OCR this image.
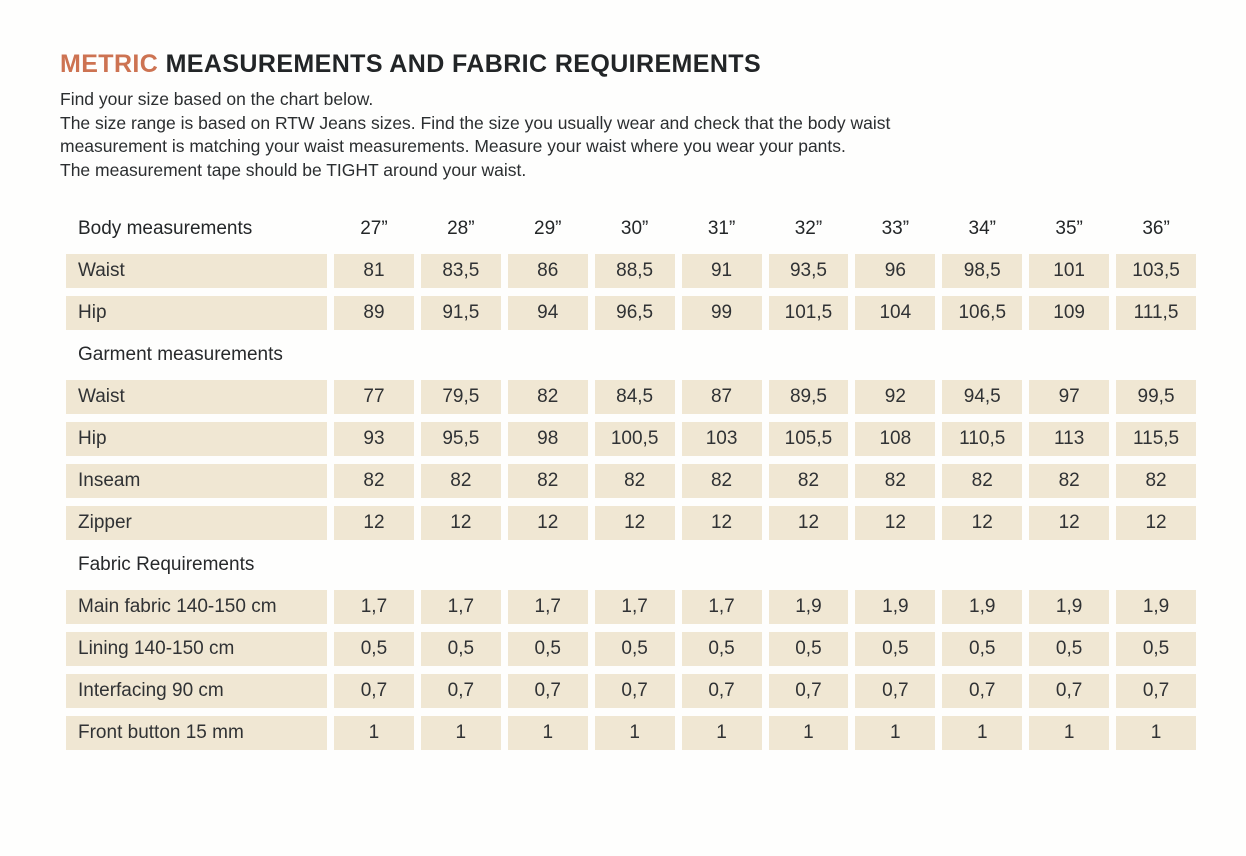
METRIC MEASUREMENTS AND FABRIC REQUIREMENTS
Find your size based on the chart below.
The size range is based on RTW Jeans sizes. Find the size you usually wear and check that the body waist
measurement is matching your waist measurements. Measure your waist where you wear your pants.
The measurement tape should be TIGHT around your waist.
Body measurements	27”	28”	29”	30”	31”	32”	33”	34”	35”	36”
Waist	81	83,5	86	88,5	91	93,5	96	98,5	101	103,5
Hip	89	91,5	94	96,5	99	101,5	104	106,5	109	111,5
Garment measurements
Waist	77	79,5	82	84,5	87	89,5	92	94,5	97	99,5
Hip	93	95,5	98	100,5	103	105,5	108	110,5	113	115,5
Inseam	82	82	82	82	82	82	82	82	82	82
Zipper	12	12	12	12	12	12	12	12	12	12
Fabric Requirements
Main fabric 140-150 cm	1,7	1,7	1,7	1,7	1,7	1,9	1,9	1,9	1,9	1,9
Lining 140-150 cm	0,5	0,5	0,5	0,5	0,5	0,5	0,5	0,5	0,5	0,5
Interfacing 90 cm	0,7	0,7	0,7	0,7	0,7	0,7	0,7	0,7	0,7	0,7
Front button 15 mm	1	1	1	1	1	1	1	1	1	1
